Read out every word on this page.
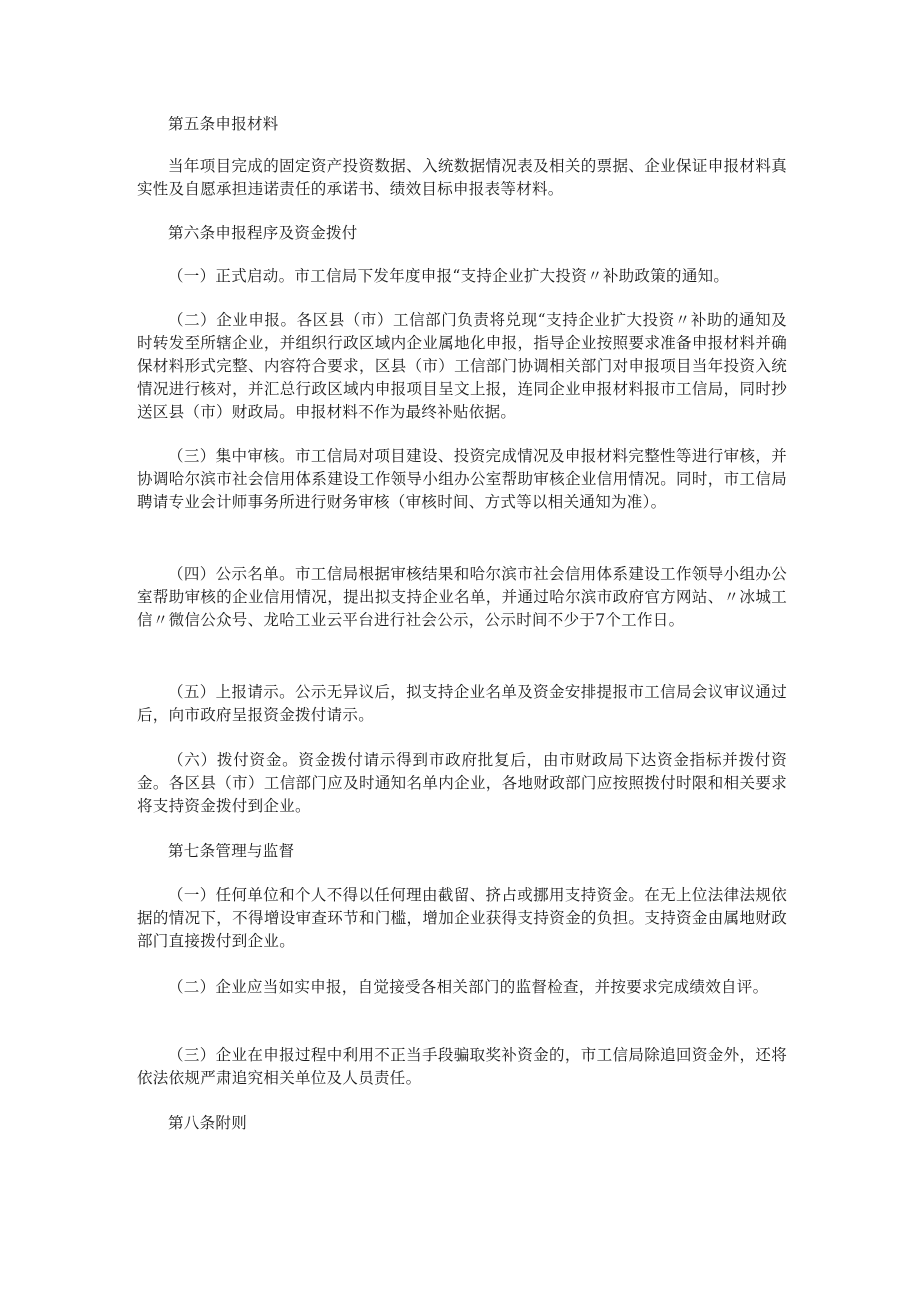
第五条申报材料

当年项目完成的固定资产投资数据、入统数据情况表及相关的票据、企业保证申报材料真实性及自愿承担违诺责任的承诺书、绩效目标申报表等材料。

第六条申报程序及资金拨付

（一）正式启动。市工信局下发年度申报“支持企业扩大投资〃补助政策的通知。

（二）企业申报。各区县（市）工信部门负责将兑现“支持企业扩大投资〃补助的通知及时转发至所辖企业，并组织行政区域内企业属地化申报，指导企业按照要求准备申报材料并确保材料形式完整、内容符合要求，区县（市）工信部门协调相关部门对申报项目当年投资入统情况进行核对，并汇总行政区域内申报项目呈文上报，连同企业申报材料报市工信局，同时抄送区县（市）财政局。申报材料不作为最终补贴依据。

（三）集中审核。市工信局对项目建设、投资完成情况及申报材料完整性等进行审核，并协调哈尔滨市社会信用体系建设工作领导小组办公室帮助审核企业信用情况。同时，市工信局聘请专业会计师事务所进行财务审核（审核时间、方式等以相关通知为准）。

（四）公示名单。市工信局根据审核结果和哈尔滨市社会信用体系建设工作领导小组办公室帮助审核的企业信用情况，提出拟支持企业名单，并通过哈尔滨市政府官方网站、〃冰城工信〃微信公众号、龙哈工业云平台进行社会公示，公示时间不少于7个工作日。

（五）上报请示。公示无异议后，拟支持企业名单及资金安排提报市工信局会议审议通过后，向市政府呈报资金拨付请示。

（六）拨付资金。资金拨付请示得到市政府批复后，由市财政局下达资金指标并拨付资金。各区县（市）工信部门应及时通知名单内企业，各地财政部门应按照拨付时限和相关要求将支持资金拨付到企业。

第七条管理与监督

（一）任何单位和个人不得以任何理由截留、挤占或挪用支持资金。在无上位法律法规依据的情况下，不得增设审查环节和门槛，增加企业获得支持资金的负担。支持资金由属地财政部门直接拨付到企业。

（二）企业应当如实申报，自觉接受各相关部门的监督检查，并按要求完成绩效自评。

（三）企业在申报过程中利用不正当手段骗取奖补资金的，市工信局除追回资金外，还将依法依规严肃追究相关单位及人员责任。

第八条附则
